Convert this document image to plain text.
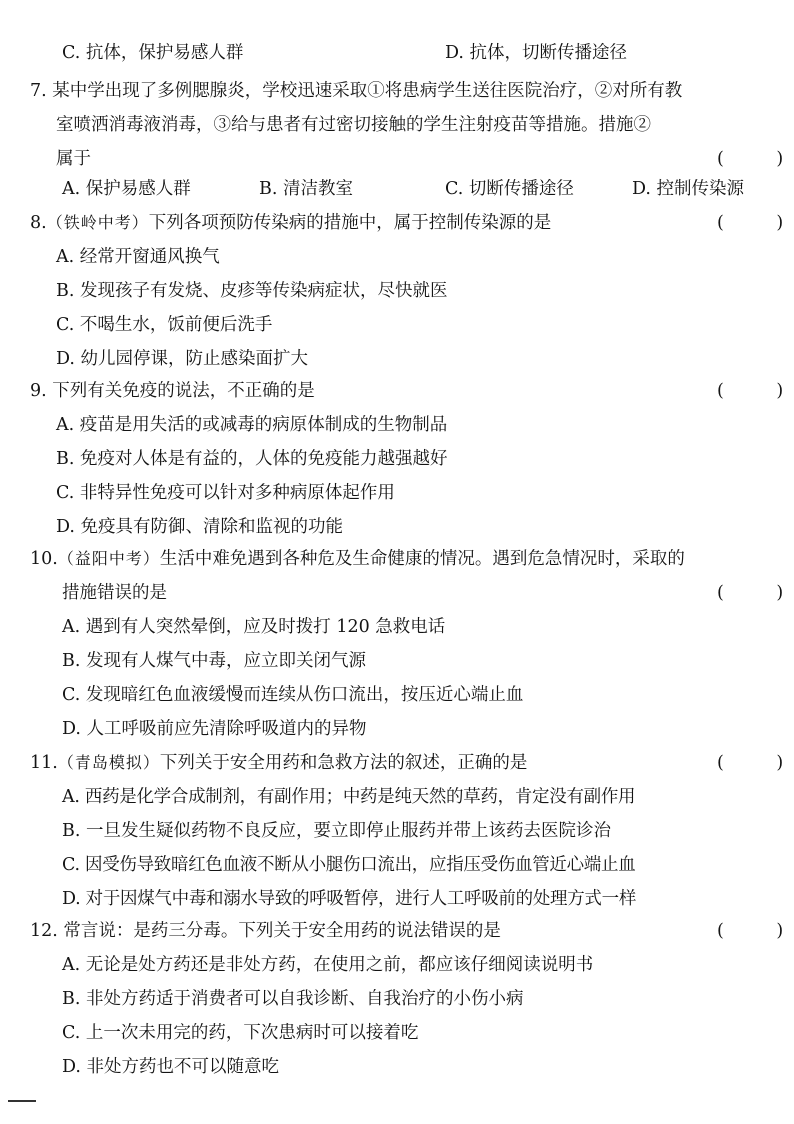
C. 抗体，保护易感人群	D. 抗体，切断传播途径
7. 某中学出现了多例腮腺炎，学校迅速采取①将患病学生送往医院治疗，②对所有教
室喷洒消毒液消毒，③给与患者有过密切接触的学生注射疫苗等措施。措施②
属于	(　　　)
A. 保护易感人群	B. 清洁教室	C. 切断传播途径	D. 控制传染源
8.（铁岭中考）下列各项预防传染病的措施中，属于控制传染源的是	(　　　)
A. 经常开窗通风换气
B. 发现孩子有发烧、皮疹等传染病症状，尽快就医
C. 不喝生水，饭前便后洗手
D. 幼儿园停课，防止感染面扩大
9. 下列有关免疫的说法，不正确的是	(　　　)
A. 疫苗是用失活的或减毒的病原体制成的生物制品
B. 免疫对人体是有益的，人体的免疫能力越强越好
C. 非特异性免疫可以针对多种病原体起作用
D. 免疫具有防御、清除和监视的功能
10.（益阳中考）生活中难免遇到各种危及生命健康的情况。遇到危急情况时，采取的
措施错误的是	(　　　)
A. 遇到有人突然晕倒，应及时拨打 120 急救电话
B. 发现有人煤气中毒，应立即关闭气源
C. 发现暗红色血液缓慢而连续从伤口流出，按压近心端止血
D. 人工呼吸前应先清除呼吸道内的异物
11.（青岛模拟）下列关于安全用药和急救方法的叙述，正确的是	(　　　)
A. 西药是化学合成制剂，有副作用；中药是纯天然的草药，肯定没有副作用
B. 一旦发生疑似药物不良反应，要立即停止服药并带上该药去医院诊治
C. 因受伤导致暗红色血液不断从小腿伤口流出，应指压受伤血管近心端止血
D. 对于因煤气中毒和溺水导致的呼吸暂停，进行人工呼吸前的处理方式一样
12. 常言说：是药三分毒。下列关于安全用药的说法错误的是	(　　　)
A. 无论是处方药还是非处方药，在使用之前，都应该仔细阅读说明书
B. 非处方药适于消费者可以自我诊断、自我治疗的小伤小病
C. 上一次未用完的药，下次患病时可以接着吃
D. 非处方药也不可以随意吃
